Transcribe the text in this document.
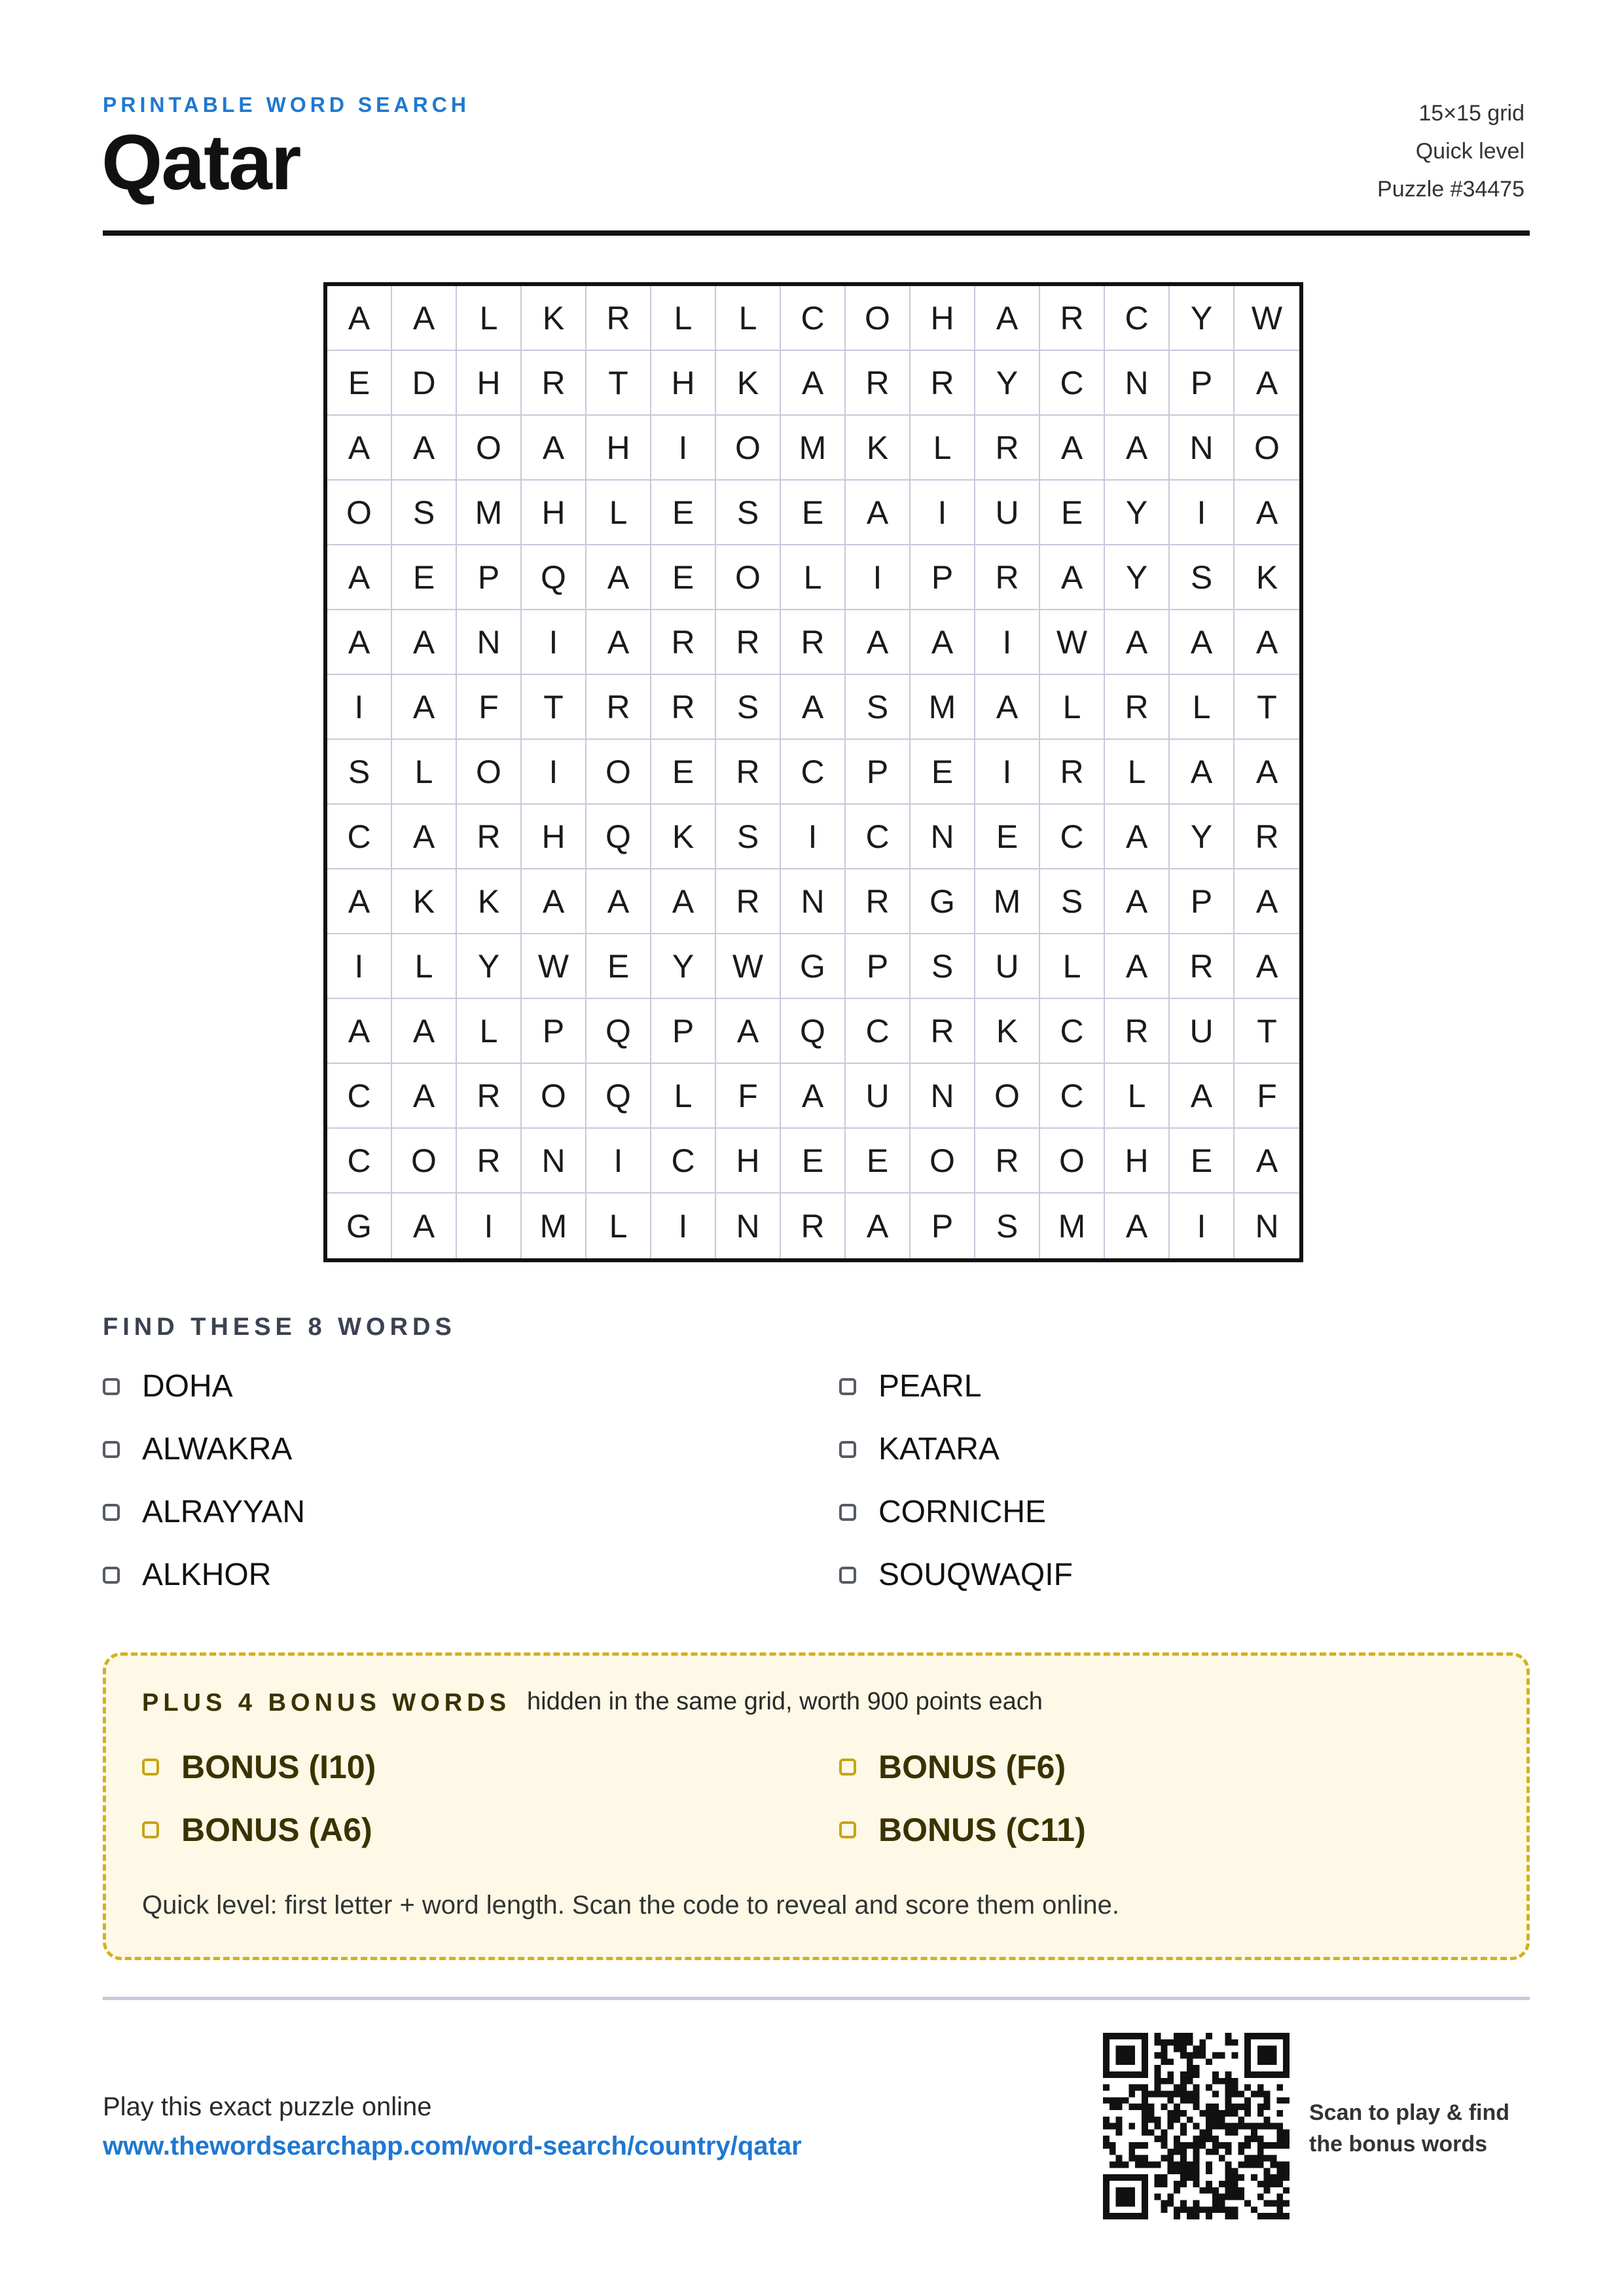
PRINTABLE WORD SEARCH
Qatar
15×15 grid
Quick level
Puzzle #34475
A	A	L	K	R	L	L	C	O	H	A	R	C	Y	W
E	D	H	R	T	H	K	A	R	R	Y	C	N	P	A
A	A	O	A	H	I	O	M	K	L	R	A	A	N	O
O	S	M	H	L	E	S	E	A	I	U	E	Y	I	A
A	E	P	Q	A	E	O	L	I	P	R	A	Y	S	K
A	A	N	I	A	R	R	R	A	A	I	W	A	A	A
I	A	F	T	R	R	S	A	S	M	A	L	R	L	T
S	L	O	I	O	E	R	C	P	E	I	R	L	A	A
C	A	R	H	Q	K	S	I	C	N	E	C	A	Y	R
A	K	K	A	A	A	R	N	R	G	M	S	A	P	A
I	L	Y	W	E	Y	W	G	P	S	U	L	A	R	A
A	A	L	P	Q	P	A	Q	C	R	K	C	R	U	T
C	A	R	O	Q	L	F	A	U	N	O	C	L	A	F
C	O	R	N	I	C	H	E	E	O	R	O	H	E	A
G	A	I	M	L	I	N	R	A	P	S	M	A	I	N
FIND THESE 8 WORDS
DOHA
ALWAKRA
ALRAYYAN
ALKHOR
PEARL
KATARA
CORNICHE
SOUQWAQIF
PLUS 4 BONUS WORDS hidden in the same grid, worth 900 points each
BONUS (I10)
BONUS (A6)
BONUS (F6)
BONUS (C11)
Quick level: first letter + word length. Scan the code to reveal and score them online.
Play this exact puzzle online
www.thewordsearchapp.com/word-search/country/qatar
Scan to play & find
the bonus words
